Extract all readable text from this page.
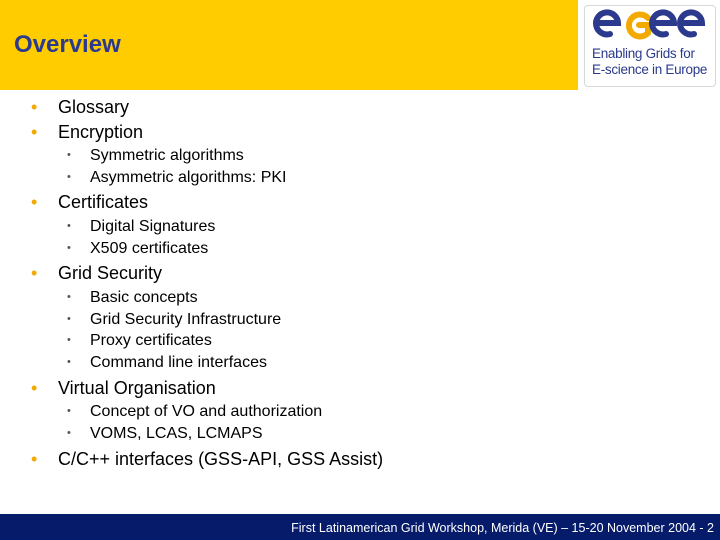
Overview	Enabling Grids for
E-science in Europe
• Glossary
• Encryption
• Symmetric algorithms
• Asymmetric algorithms: PKI
• Certificates
• Digital Signatures
• X509 certificates
• Grid Security
• Basic concepts
• Grid Security Infrastructure
• Proxy certificates
• Command line interfaces
• Virtual Organisation
• Concept of VO and authorization
• VOMS, LCAS, LCMAPS
• C/C++ interfaces (GSS-API, GSS Assist)
First Latinamerican Grid Workshop, Merida (VE) – 15-20 November 2004 - 2
